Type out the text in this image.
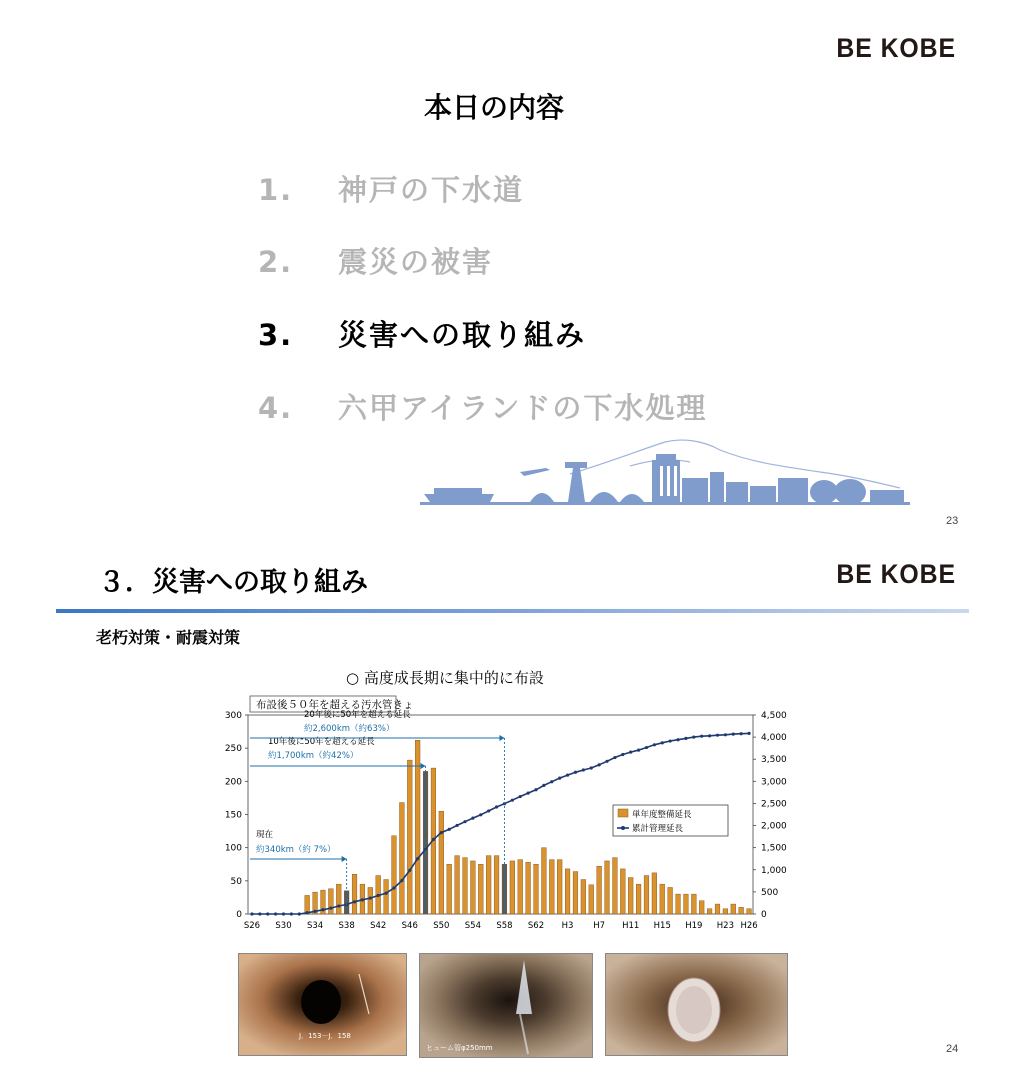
BE KOBE
本日の内容
1. 神戸の下水道
2. 震災の被害
3. 災害への取り組み
4. 六甲アイランドの下水処理
23
３．災害への取り組み	BE KOBE
老朽対策・耐震対策
○ 高度成長期に集中的に布設
布設後５０年を超える汚水管きょ
0
50
100
150
200
250
300
0
500
1,000
1,500
2,000
2,500
3,000
3,500
4,000
4,500
S26 S30 S34 S38 S42 S46 S50 S54 S58 S62 H3 H7 H11 H15 H19 H23 H26
現在
約340km（約 7%）
10年後に50年を超える延長
約1,700km（約42%）
20年後に50年を超える延長
約2,600km（約63%）
単年度整備延長
累計管理延長
J．153－J．158
ヒューム管φ250mm	24
